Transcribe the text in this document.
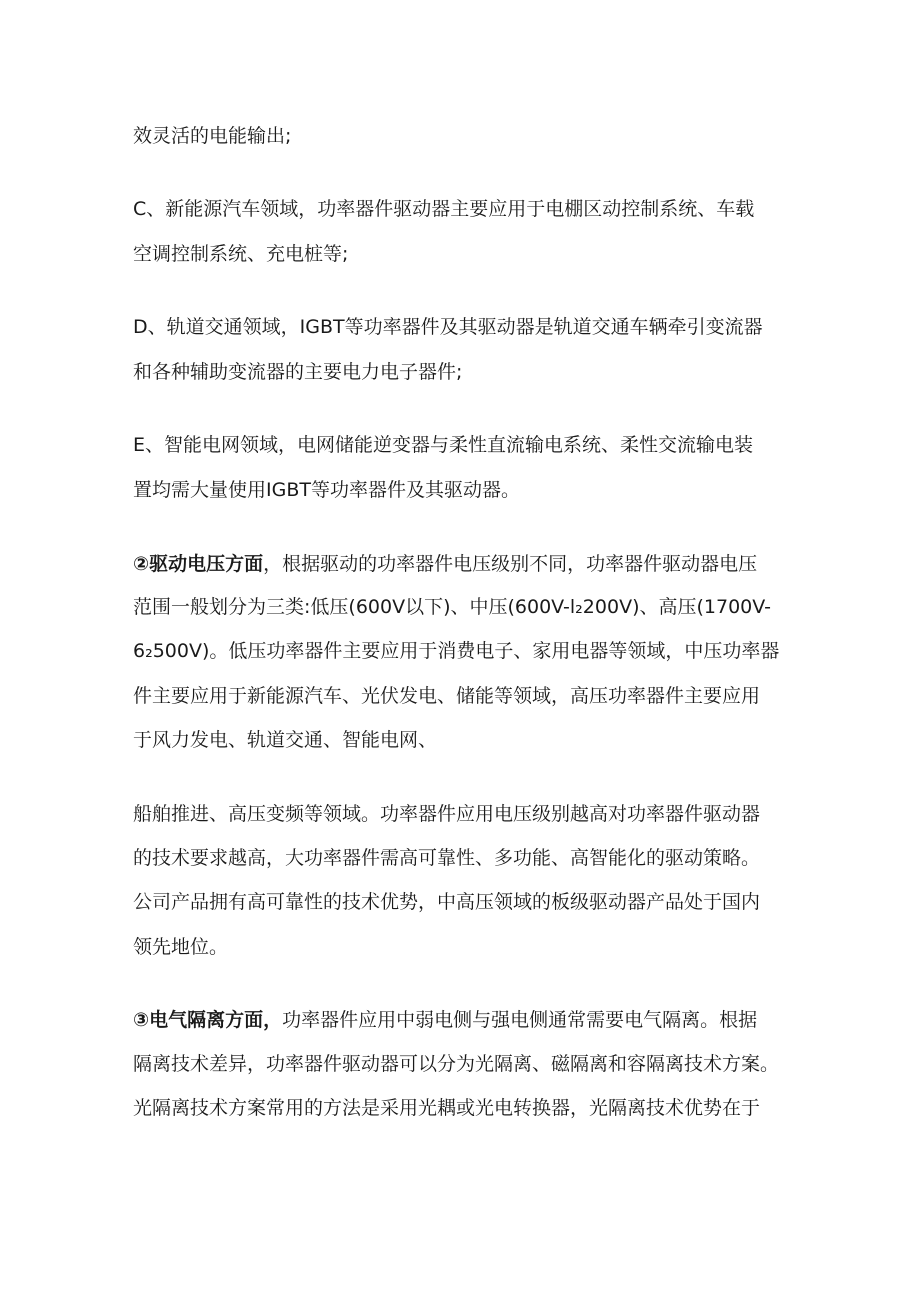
效灵活的电能输出;
C、新能源汽车领域，功率器件驱动器主要应用于电棚区动控制系统、车载
空调控制系统、充电桩等;
D、轨道交通领域，IGBT等功率器件及其驱动器是轨道交通车辆牵引变流器
和各种辅助变流器的主要电力电子器件;
E、智能电网领域，电网储能逆变器与柔性直流输电系统、柔性交流输电装
置均需大量使用IGBT等功率器件及其驱动器。
②驱动电压方面，根据驱动的功率器件电压级别不同，功率器件驱动器电压
范围一般划分为三类:低压(600V以下)、中压(600V-l₂200V)、高压(1700V-
6₂500V)。低压功率器件主要应用于消费电子、家用电器等领域，中压功率器
件主要应用于新能源汽车、光伏发电、储能等领域，高压功率器件主要应用
于风力发电、轨道交通、智能电网、
船舶推进、高压变频等领域。功率器件应用电压级别越高对功率器件驱动器
的技术要求越高，大功率器件需高可靠性、多功能、高智能化的驱动策略。
公司产品拥有高可靠性的技术优势，中高压领域的板级驱动器产品处于国内
领先地位。
③电气隔离方面，功率器件应用中弱电侧与强电侧通常需要电气隔离。根据
隔离技术差异，功率器件驱动器可以分为光隔离、磁隔离和容隔离技术方案。
光隔离技术方案常用的方法是采用光耦或光电转换器，光隔离技术优势在于
